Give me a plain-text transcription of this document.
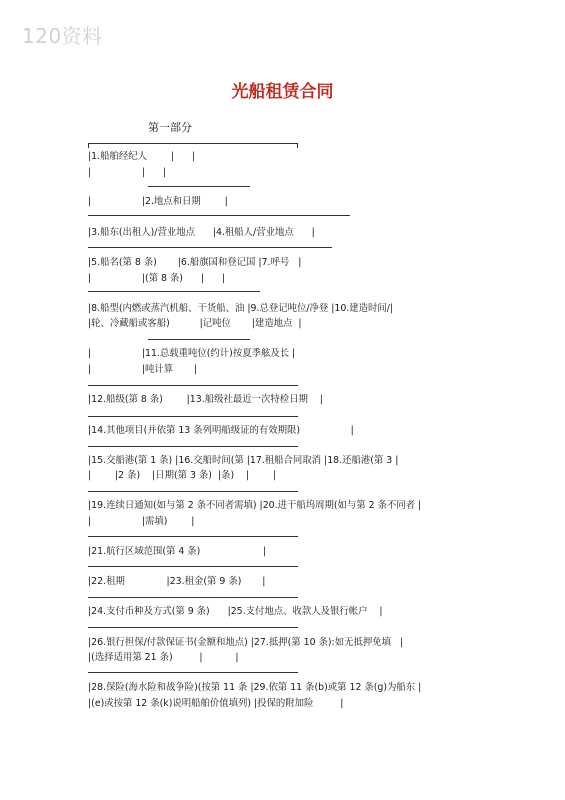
120资料
光船租赁合同
第一部分
|1.船舶经纪人        |      |
|                 |      |
|                 |2.地点和日期        |
|3.船东(出租人)/营业地点      |4.租船人/营业地点      |
|5.船名(第 8 条)       |6.船旗国和登记国 |7.呼号   |
|                 |(第 8 条)      |      |
|8.船型(内燃或蒸汽机船、干货船、油 |9.总登记吨位/净登 |10.建造时间/|
|轮、冷藏船或客船)          |记吨位       |建造地点  |
|                 |11.总载重吨位(约计)按夏季舷及长 |
|                 |吨计算       |
|12.船级(第 8 条)        |13.船级社最近一次特检日期    |
|14.其他项目(并依第 13 条列明船级证的有效期限)                 |
|15.交船港(第 1 条) |16.交船时间(第 |17.租船合同取消 |18.还船港(第 3 |
|        |2 条)    |日期(第 3 条)  |条)    |        |
|19.连续日通知(如与第 2 条不同者需填) |20.进干船坞周期(如与第 2 条不同者 |
|                 |需填)        |
|21.航行区域范围(第 4 条)                     |
|22.租期              |23.租金(第 9 条)       |
|24.支付币种及方式(第 9 条)      |25.支付地点、收款人及银行帐户    |
|26.银行担保/付款保证书(金额和地点) |27.抵押(第 10 条):如无抵押免填   |
|(选择适用第 21 条)         |           |
|28.保险(海水险和战争险)(按第 11 条 |29.依第 11 条(b)或第 12 条(g)为船东 |
|(e)或按第 12 条(k)说明船舶价值填列) |投保的附加险         |
